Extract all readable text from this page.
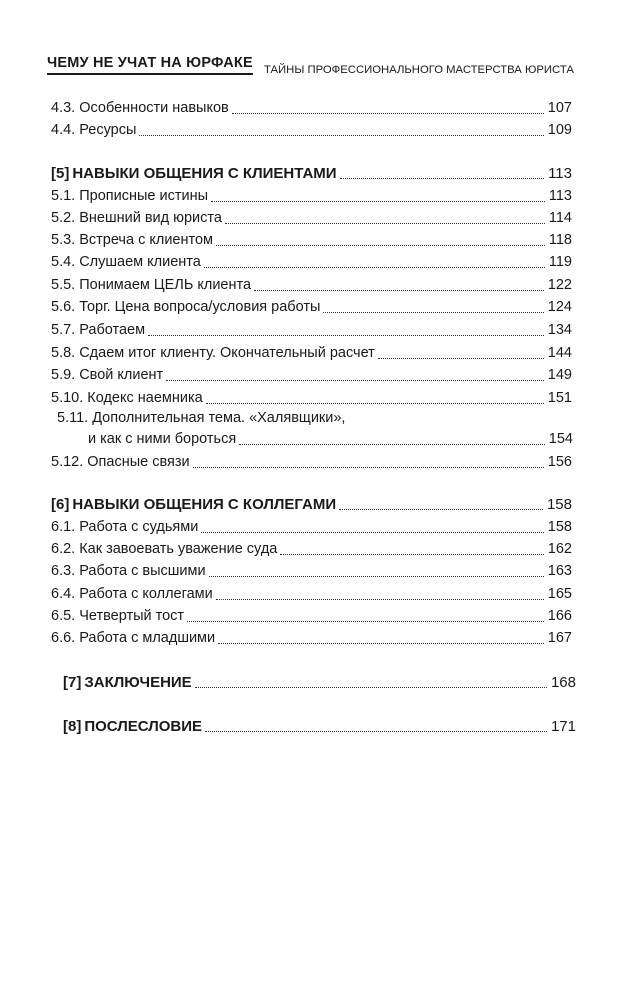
ЧЕМУ НЕ УЧАТ НА ЮРФАКЕ ТАЙНЫ ПРОФЕССИОНАЛЬНОГО МАСТЕРСТВА ЮРИСТА
4.3. Особенности навыков	107
4.4. Ресурсы	109
[5] НАВЫКИ ОБЩЕНИЯ С КЛИЕНТАМИ	113
5.1. Прописные истины	113
5.2. Внешний вид юриста	114
5.3. Встреча с клиентом	118
5.4. Слушаем клиента	119
5.5. Понимаем ЦЕЛЬ клиента	122
5.6. Торг. Цена вопроса/условия работы	124
5.7. Работаем	134
5.8. Сдаем итог клиенту. Окончательный расчет	144
5.9. Свой клиент	149
5.10. Кодекс наемника	151
5.11. Дополнительная тема. «Халявщики»,
и как с ними бороться	154
5.12. Опасные связи	156
[6] НАВЫКИ ОБЩЕНИЯ С КОЛЛЕГАМИ	158
6.1. Работа с судьями	158
6.2. Как завоевать уважение суда	162
6.3. Работа с высшими	163
6.4. Работа с коллегами	165
6.5. Четвертый тост	166
6.6. Работа с младшими	167
[7] ЗАКЛЮЧЕНИЕ	168
[8] ПОСЛЕСЛОВИЕ	171
